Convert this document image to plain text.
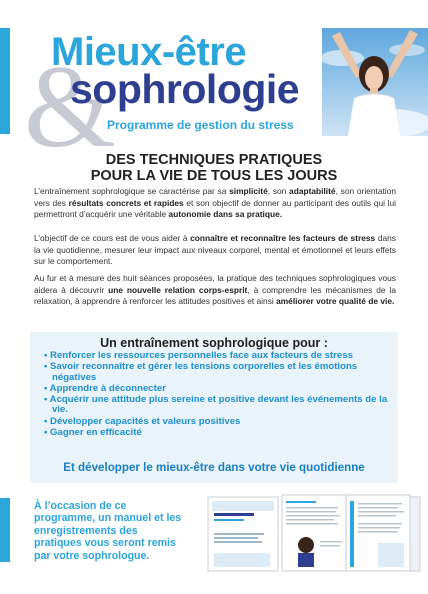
&
Mieux-être
sophrologie
Programme de gestion du stress
DES TECHNIQUES PRATIQUES
POUR LA VIE DE TOUS LES JOURS

L’entraînement sophrologique se caractérise par sa simplicité, son adaptabilité, son orientation vers des résultats concrets et rapides et son objectif de donner au participant des outils qui lui permettront d’acquérir une véritable autonomie dans sa pratique.

L’objectif de ce cours est de vous aider à connaître et reconnaître les facteurs de stress dans la vie quotidienne, mesurer leur impact aux niveaux corporel, mental et émotionnel et leurs effets sur le comportement.

Au fur et à mesure des huit séances proposées, la pratique des techniques sophrologiques vous aidera à découvrir une nouvelle relation corps-esprit, à comprendre les mécanismes de la relaxation, à apprendre à renforcer les attitudes positives et ainsi améliorer votre qualité de vie.

Un entraînement sophrologique pour :
• Renforcer les ressources personnelles face aux facteurs de stress
• Savoir reconnaître et gérer les tensions corporelles et les émotions négatives
• Apprendre à déconnecter
• Acquérir une attitude plus sereine et positive devant les événements de la vie.
• Développer capacités et valeurs positives
• Gagner en efficacité
Et développer le mieux-être dans votre vie quotidienne
À l’occasion de ce programme, un manuel et les enregistrements des pratiques vous seront remis par votre sophrologue.
